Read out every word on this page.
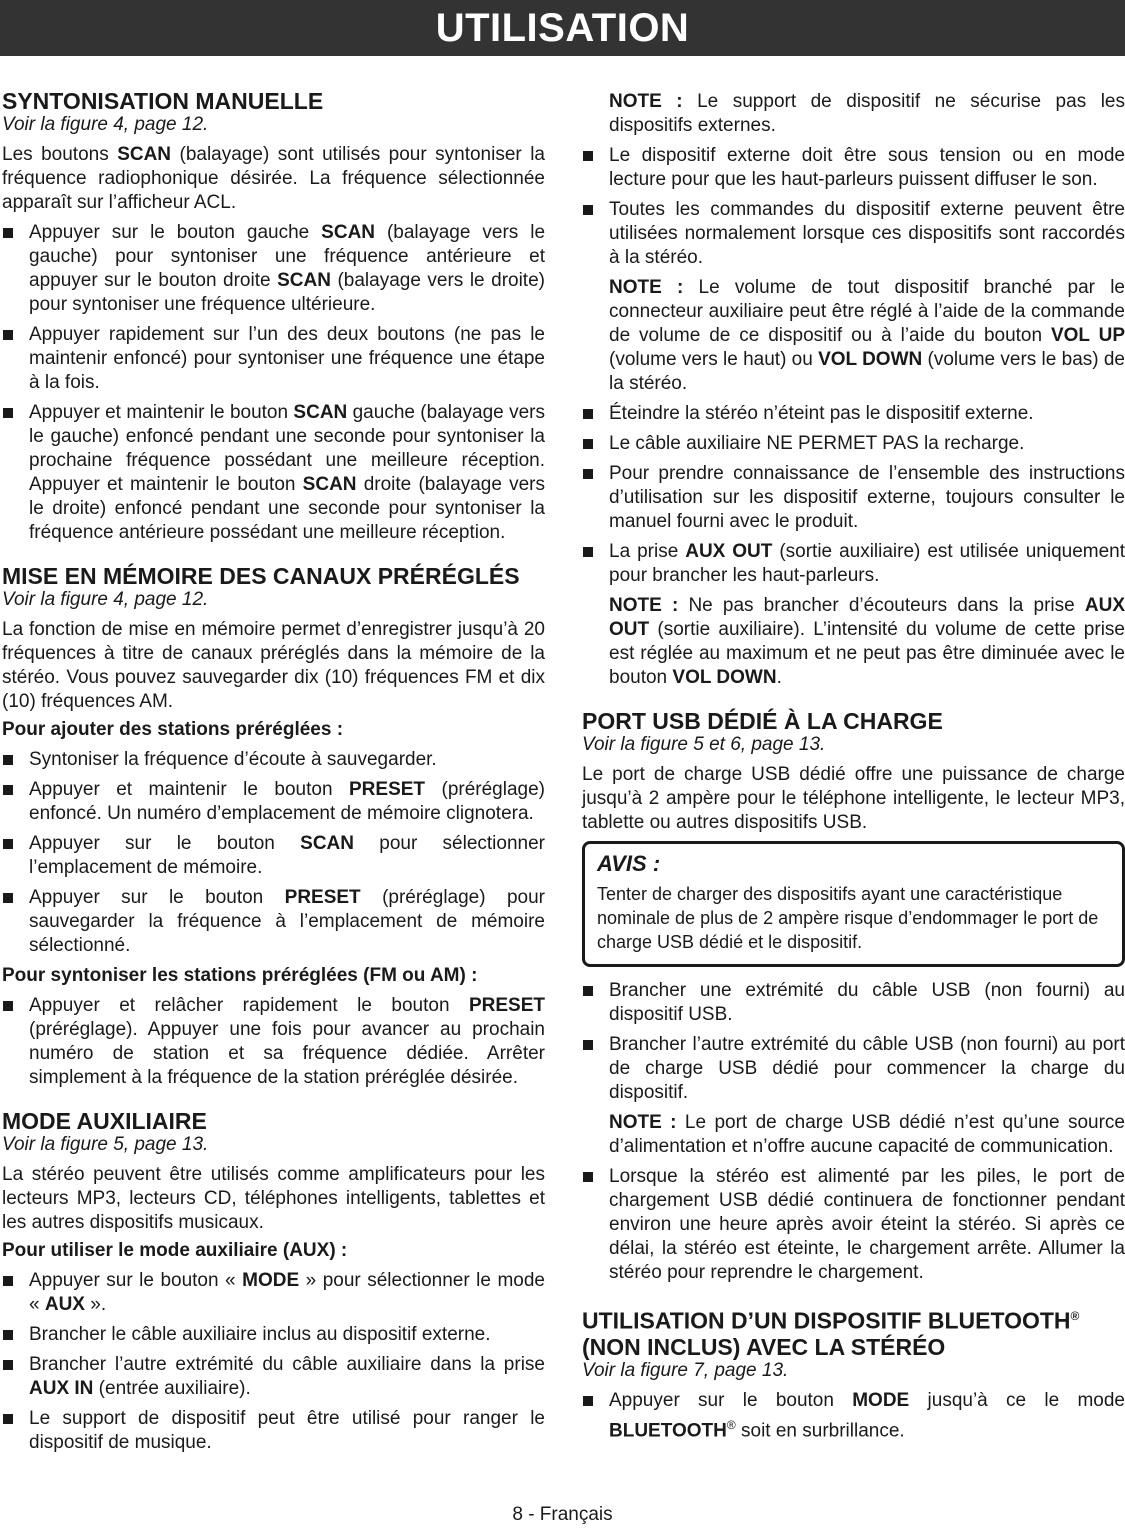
UTILISATION
SYNTONISATION MANUELLE
Voir la figure 4, page 12.

Les boutons SCAN (balayage) sont utilisés pour syntoniser la fréquence radiophonique désirée. La fréquence sélectionnée apparaît sur l’afficheur ACL.

Appuyer sur le bouton gauche SCAN (balayage vers le gauche) pour syntoniser une fréquence antérieure et appuyer sur le bouton droite SCAN (balayage vers le droite) pour syntoniser une fréquence ultérieure.
Appuyer rapidement sur l’un des deux boutons (ne pas le maintenir enfoncé) pour syntoniser une fréquence une étape à la fois.
Appuyer et maintenir le bouton SCAN gauche (balayage vers le gauche) enfoncé pendant une seconde pour syntoniser la prochaine fréquence possédant une meilleure réception. Appuyer et maintenir le bouton SCAN droite (balayage vers le droite) enfoncé pendant une seconde pour syntoniser la fréquence antérieure possédant une meilleure réception.
MISE EN MÉMOIRE DES CANAUX PRÉRÉGLÉS
Voir la figure 4, page 12.

La fonction de mise en mémoire permet d’enregistrer jusqu’à 20 fréquences à titre de canaux préréglés dans la mémoire de la stéréo. Vous pouvez sauvegarder dix (10) fréquences FM et dix (10) fréquences AM.

Pour ajouter des stations préréglées :
Syntoniser la fréquence d’écoute à sauvegarder.
Appuyer et maintenir le bouton PRESET (préréglage) enfoncé. Un numéro d’emplacement de mémoire clignotera.
Appuyer sur le bouton SCAN pour sélectionner l’emplacement de mémoire.
Appuyer sur le bouton PRESET (préréglage) pour sauvegarder la fréquence à l’emplacement de mémoire sélectionné.
Pour syntoniser les stations préréglées (FM ou AM) :
Appuyer et relâcher rapidement le bouton PRESET (préréglage). Appuyer une fois pour avancer au prochain numéro de station et sa fréquence dédiée. Arrêter simplement à la fréquence de la station préréglée désirée.
MODE AUXILIAIRE
Voir la figure 5, page 13.

La stéréo peuvent être utilisés comme amplificateurs pour les lecteurs MP3, lecteurs CD, téléphones intelligents, tablettes et les autres dispositifs musicaux.

Pour utiliser le mode auxiliaire (AUX) :
Appuyer sur le bouton « MODE » pour sélectionner le mode « AUX ».
Brancher le câble auxiliaire inclus au dispositif externe.
Brancher l’autre extrémité du câble auxiliaire dans la prise AUX IN (entrée auxiliaire).
Le support de dispositif peut être utilisé pour ranger le dispositif de musique.
NOTE : Le support de dispositif ne sécurise pas les dispositifs externes.
Le dispositif externe doit être sous tension ou en mode lecture pour que les haut-parleurs puissent diffuser le son.
Toutes les commandes du dispositif externe peuvent être utilisées normalement lorsque ces dispositifs sont raccordés à la stéréo.
NOTE : Le volume de tout dispositif branché par le connecteur auxiliaire peut être réglé à l’aide de la commande de volume de ce dispositif ou à l’aide du bouton VOL UP (volume vers le haut) ou VOL DOWN (volume vers le bas) de la stéréo.
Éteindre la stéréo n’éteint pas le dispositif externe.
Le câble auxiliaire NE PERMET PAS la recharge.
Pour prendre connaissance de l’ensemble des instructions d’utilisation sur les dispositif externe, toujours consulter le manuel fourni avec le produit.
La prise AUX OUT (sortie auxiliaire) est utilisée uniquement pour brancher les haut-parleurs.
NOTE : Ne pas brancher d’écouteurs dans la prise AUX OUT (sortie auxiliaire). L’intensité du volume de cette prise est réglée au maximum et ne peut pas être diminuée avec le bouton VOL DOWN.
PORT USB DÉDIÉ À LA CHARGE
Voir la figure 5 et 6, page 13.

Le port de charge USB dédié offre une puissance de charge jusqu’à 2 ampère pour le téléphone intelligente, le lecteur MP3, tablette ou autres dispositifs USB.

AVIS :

Tenter de charger des dispositifs ayant une caractéristique nominale de plus de 2 ampère risque d’endommager le port de charge USB dédié et le dispositif.

Brancher une extrémité du câble USB (non fourni) au dispositif USB.
Brancher l’autre extrémité du câble USB (non fourni) au port de charge USB dédié pour commencer la charge du dispositif.
NOTE : Le port de charge USB dédié n’est qu’une source d’alimentation et n’offre aucune capacité de communication.
Lorsque la stéréo est alimenté par les piles, le port de chargement USB dédié continuera de fonctionner pendant environ une heure après avoir éteint la stéréo. Si après ce délai, la stéréo est éteinte, le chargement arrête. Allumer la stéréo pour reprendre le chargement.
UTILISATION D’UN DISPOSITIF BLUETOOTH®
(NON INCLUS) AVEC LA STÉRÉO
Voir la figure 7, page 13.
Appuyer sur le bouton MODE jusqu’à ce le mode BLUETOOTH® soit en surbrillance.
8 - Français
